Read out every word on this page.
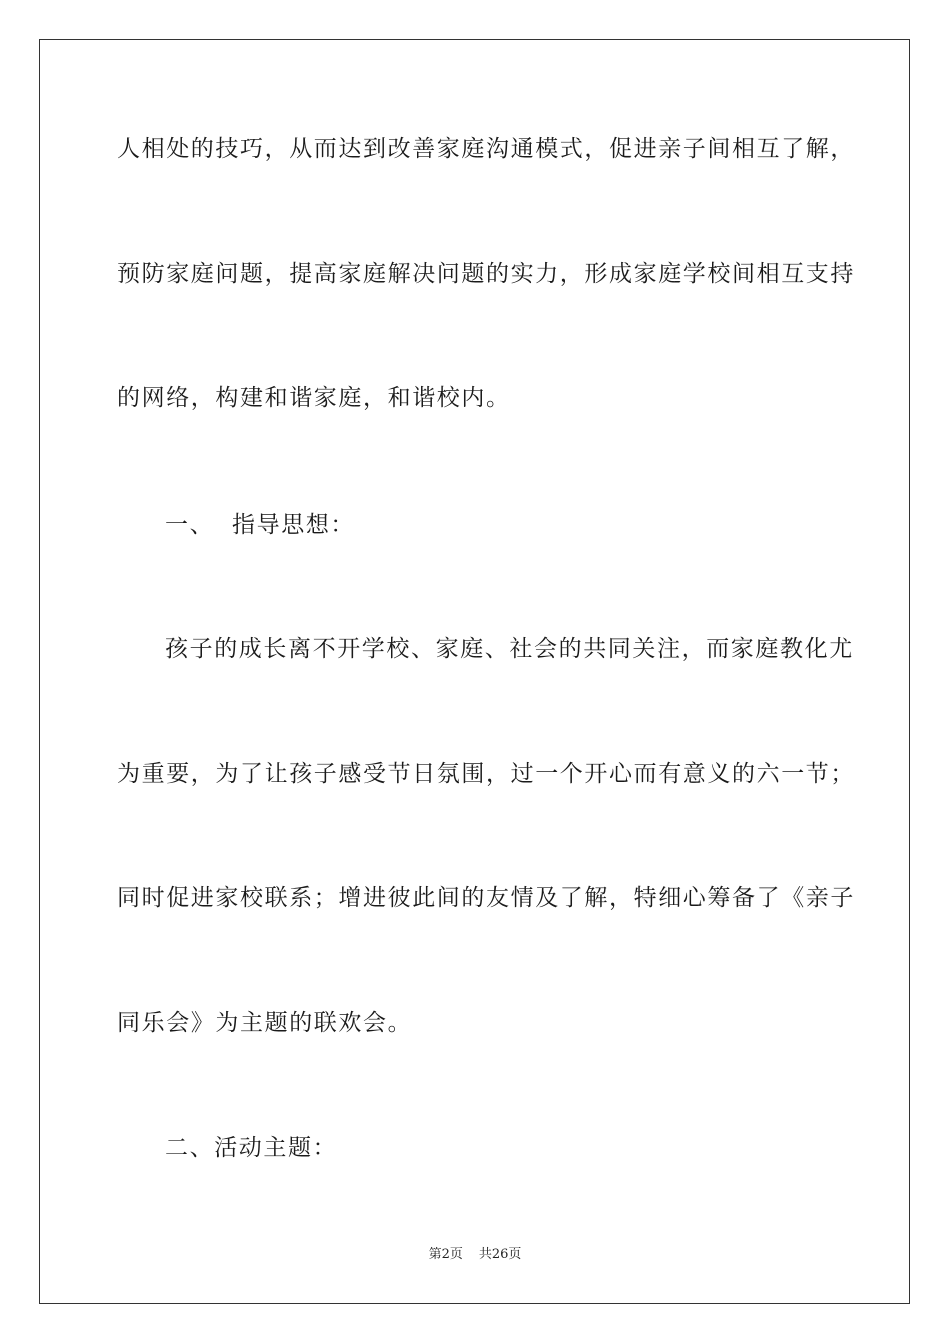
人相处的技巧，从而达到改善家庭沟通模式，促进亲子间相互了解，
预防家庭问题，提高家庭解决问题的实力，形成家庭学校间相互支持
的网络，构建和谐家庭，和谐校内。
一、  指导思想：
孩子的成长离不开学校、家庭、社会的共同关注，而家庭教化尤
为重要，为了让孩子感受节日氛围，过一个开心而有意义的六一节；
同时促进家校联系；增进彼此间的友情及了解，特细心筹备了《亲子
同乐会》为主题的联欢会。
二、活动主题：
第2页 共26页
